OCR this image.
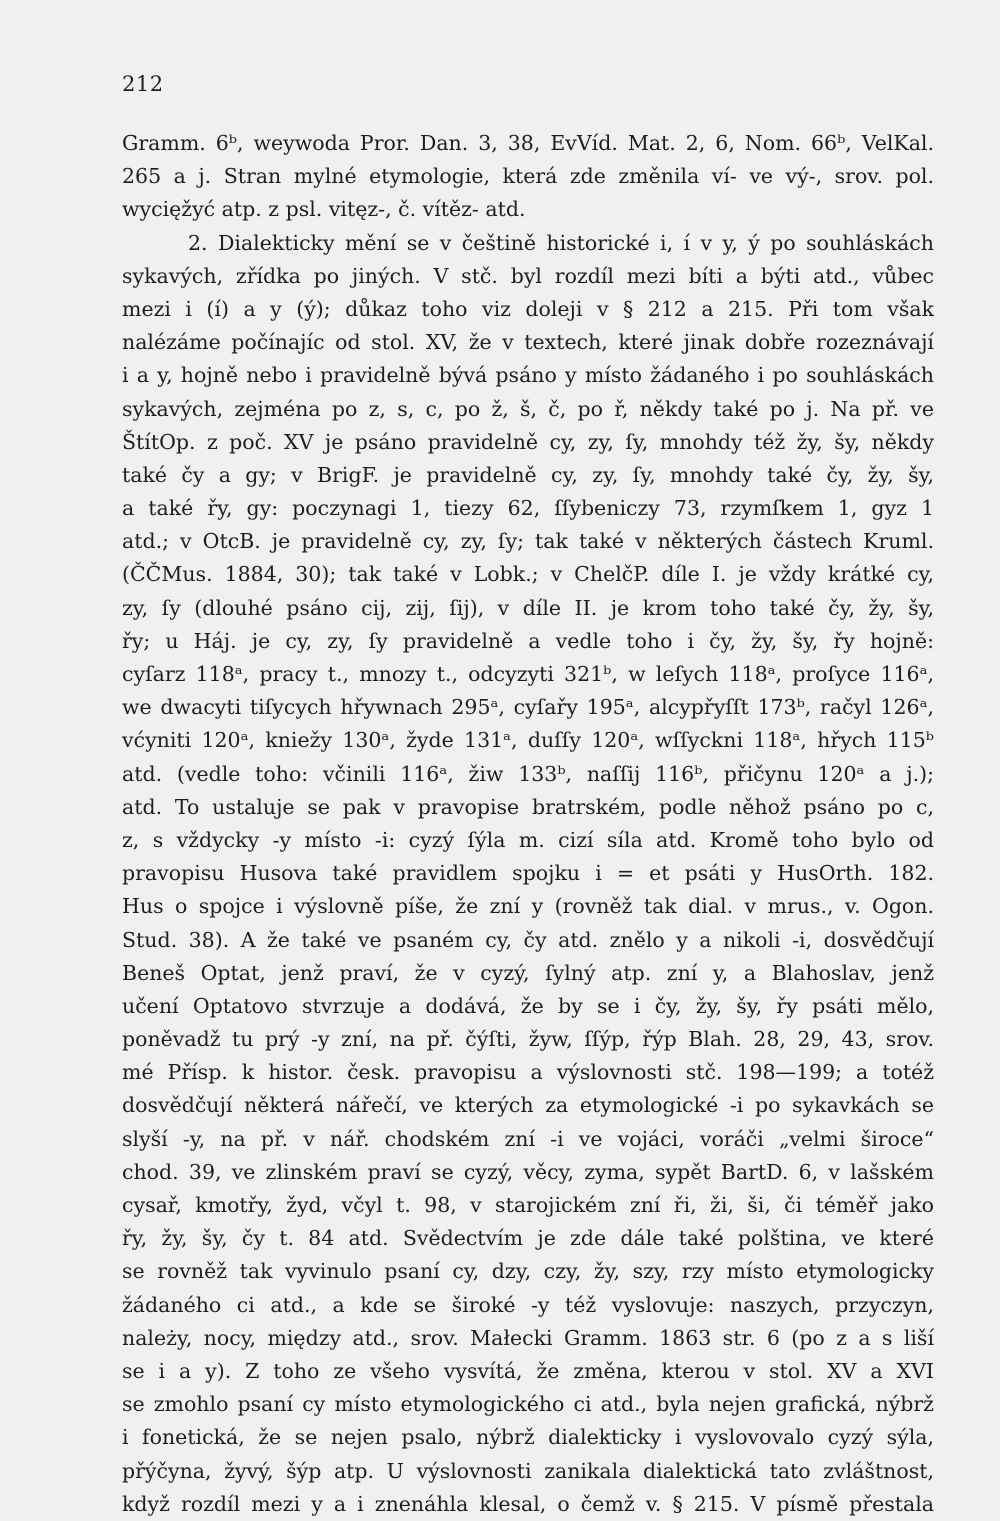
212
Gramm. 6ᵇ, weywoda Pror. Dan. 3, 38, EvVíd. Mat. 2, 6, Nom. 66ᵇ, VelKal.
265 a j. Stran mylné etymologie, která zde změnila ví- ve vý-, srov. pol.
wycięžyć atp. z psl. vitęz-, č. vítěz- atd.
2. Dialekticky mění se v češtině historické i, í v y, ý po souhláskách
sykavých, zřídka po jiných. V stč. byl rozdíl mezi bíti a býti atd., vůbec
mezi i (í) a y (ý); důkaz toho viz doleji v § 212 a 215. Při tom však
nalézáme počínajíc od stol. XV, že v textech, které jinak dobře rozeznávají
i a y, hojně nebo i pravidelně bývá psáno y místo žádaného i po souhláskách
sykavých, zejména po z, s, c, po ž, š, č, po ř, někdy také po j. Na př. ve
ŠtítOp. z poč. XV je psáno pravidelně cy, zy, ſy, mnohdy též žy, šy, někdy
také čy a gy; v BrigF. je pravidelně cy, zy, ſy, mnohdy také čy, žy, šy,
a také řy, gy: poczynagi 1, tiezy 62, ſſybeniczy 73, rzymſkem 1, gyz 1
atd.; v OtcB. je pravidelně cy, zy, ſy; tak také v některých částech Kruml.
(ČČMus. 1884, 30); tak také v Lobk.; v ChelčP. díle I. je vždy krátké cy,
zy, ſy (dlouhé psáno cij, zij, ſij), v díle II. je krom toho také čy, žy, šy,
řy; u Háj. je cy, zy, ſy pravidelně a vedle toho i čy, žy, šy, řy hojně:
cyſarz 118ᵃ, pracy t., mnozy t., odcyzyti 321ᵇ, w leſych 118ᵃ, proſyce 116ᵃ,
we dwacyti tiſycych hřywnach 295ᵃ, cyſařy 195ᵃ, alcypřyſſt 173ᵇ, račyl 126ᵃ,
vćyniti 120ᵃ, kniežy 130ᵃ, žyde 131ᵃ, duſſy 120ᵃ, wſſyckni 118ᵃ, hřych 115ᵇ
atd. (vedle toho: včinili 116ᵃ, žiw 133ᵇ, naſſij 116ᵇ, přičynu 120ᵃ a j.);
atd. To ustaluje se pak v pravopise bratrském, podle něhož psáno po c,
z, s vždycky -y místo -i: cyzý ſýla m. cizí síla atd. Kromě toho bylo od
pravopisu Husova také pravidlem spojku i = et psáti y HusOrth. 182.
Hus o spojce i výslovně píše, že zní y (rovněž tak dial. v mrus., v. Ogon.
Stud. 38). A že také ve psaném cy, čy atd. znělo y a nikoli -i, dosvědčují
Beneš Optat, jenž praví, že v cyzý, ſylný atp. zní y, a Blahoslav, jenž
učení Optatovo stvrzuje a dodává, že by se i čy, žy, šy, řy psáti mělo,
poněvadž tu prý -y zní, na př. čýſti, žyw, ſſýp, řýp Blah. 28, 29, 43, srov.
mé Přísp. k histor. česk. pravopisu a výslovnosti stč. 198—199; a totéž
dosvědčují některá nářečí, ve kterých za etymologické -i po sykavkách se
slyší -y, na př. v nář. chodském zní -i ve vojáci, voráči „velmi široce“
chod. 39, ve zlinském praví se cyzý, věcy, zyma, sypět BartD. 6, v lašském
cysař, kmotřy, žyd, včyl t. 98, v starojickém zní ři, ži, ši, či téměř jako
řy, žy, šy, čy t. 84 atd. Svědectvím je zde dále také polština, ve které
se rovněž tak vyvinulo psaní cy, dzy, czy, žy, szy, rzy místo etymologicky
žádaného ci atd., a kde se široké -y též vyslovuje: naszych, przyczyn,
należy, nocy, między atd., srov. Małecki Gramm. 1863 str. 6 (po z a s liší
se i a y). Z toho ze všeho vysvítá, že změna, kterou v stol. XV a XVI
se zmohlo psaní cy místo etymologického ci atd., byla nejen grafická, nýbrž
i fonetická, že se nejen psalo, nýbrž dialekticky i vyslovovalo cyzý sýla,
přýčyna, žyvý, šýp atp. U výslovnosti zanikala dialektická tato zvláštnost,
když rozdíl mezi y a i znenáhla klesal, o čemž v. § 215. V písmě přestala
